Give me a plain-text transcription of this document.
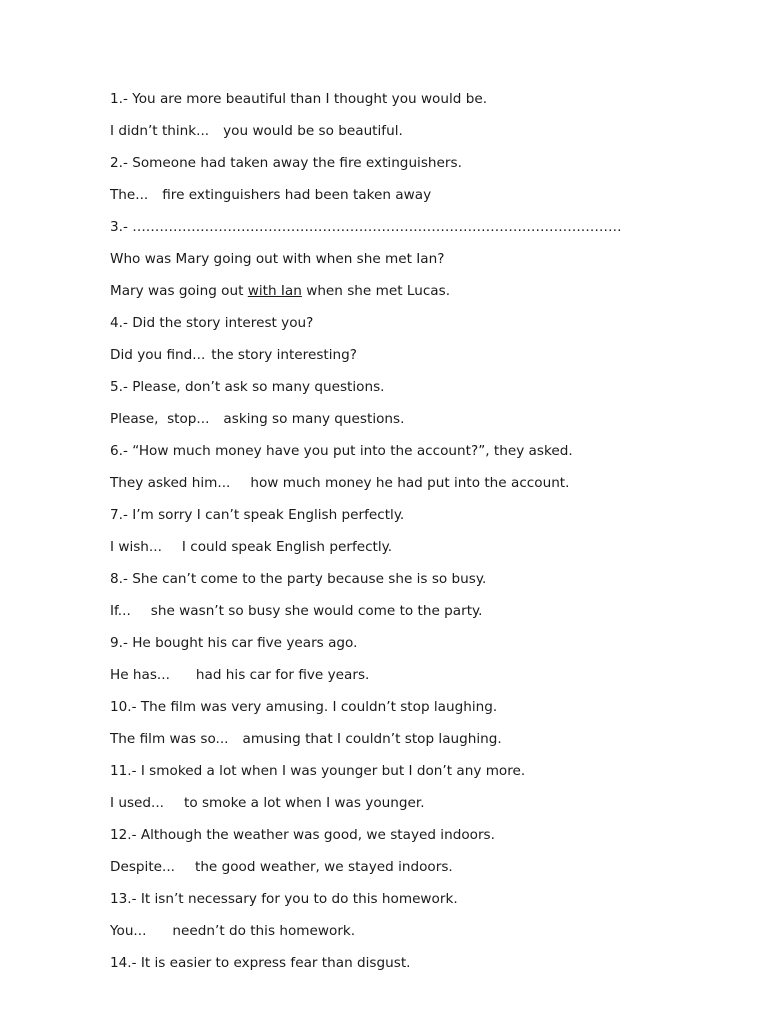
1.- You are more beautiful than I thought you would be.
I didn’t think... you would be so beautiful.
2.- Someone had taken away the fire extinguishers.
The... fire extinguishers had been taken away
3.- ………………………………………………………………………………………………
Who was Mary going out with when she met Ian?
Mary was going out with Ian when she met Lucas.
4.- Did the story interest you?
Did you find... the story interesting?
5.- Please, don’t ask so many questions.
Please,  stop... asking so many questions.
6.- “How much money have you put into the account?”, they asked.
They asked him... how much money he had put into the account.
7.- I’m sorry I can’t speak English perfectly.
I wish... I could speak English perfectly.
8.- She can’t come to the party because she is so busy.
If... she wasn’t so busy she would come to the party.
9.- He bought his car five years ago.
He has... had his car for five years.
10.- The film was very amusing. I couldn’t stop laughing.
The film was so... amusing that I couldn’t stop laughing.
11.- I smoked a lot when I was younger but I don’t any more.
I used... to smoke a lot when I was younger.
12.- Although the weather was good, we stayed indoors.
Despite... the good weather, we stayed indoors.
13.- It isn’t necessary for you to do this homework.
You... needn’t do this homework.
14.- It is easier to express fear than disgust.
